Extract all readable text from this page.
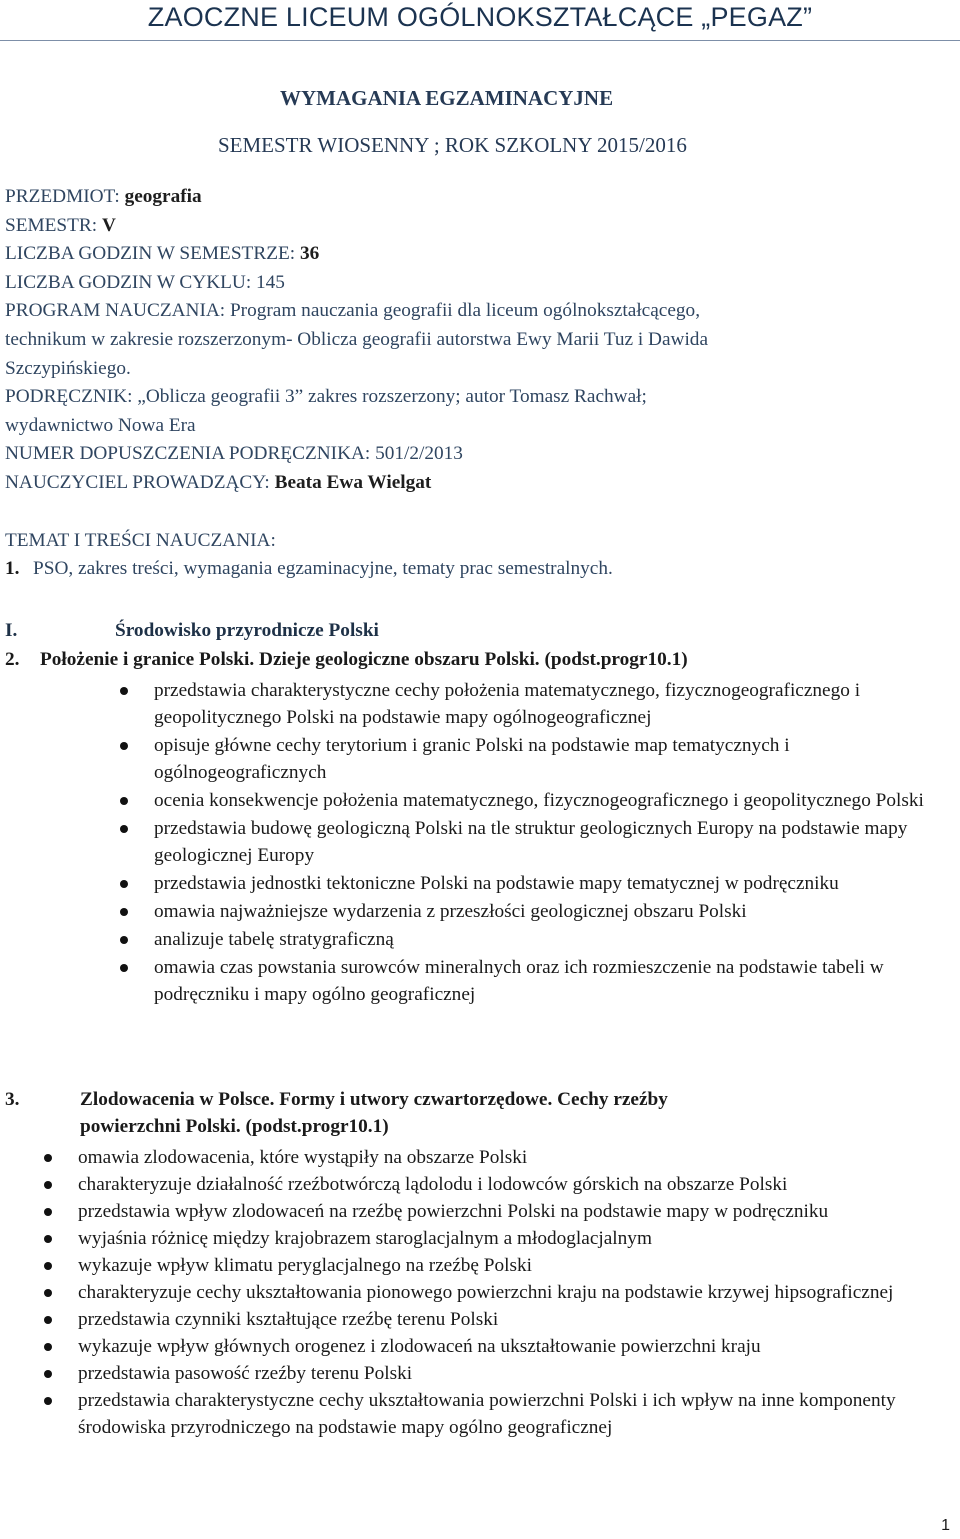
ZAOCZNE LICEUM OGÓLNOKSZTAŁCĄCE „PEGAZ”
WYMAGANIA EGZAMINACYJNE
SEMESTR WIOSENNY ; ROK SZKOLNY 2015/2016
PRZEDMIOT: geografia
SEMESTR: V
LICZBA GODZIN W SEMESTRZE: 36
LICZBA GODZIN W CYKLU: 145
PROGRAM NAUCZANIA: Program nauczania geografii dla liceum ogólnokształcącego,
technikum w zakresie rozszerzonym- Oblicza geografii autorstwa Ewy Marii Tuz i Dawida
Szczypińskiego.
PODRĘCZNIK: „Oblicza geografii 3” zakres rozszerzony; autor Tomasz Rachwał;
wydawnictwo Nowa Era
NUMER DOPUSZCZENIA PODRĘCZNIKA: 501/2/2013
NAUCZYCIEL PROWADZĄCY: Beata Ewa Wielgat
TEMAT I TREŚCI NAUCZANIA:
1. PSO, zakres treści, wymagania egzaminacyjne, tematy prac semestralnych.
I.	Środowisko przyrodnicze Polski
2. Położenie i granice Polski. Dzieje geologiczne obszaru Polski. (podst.progr10.1)
przedstawia charakterystyczne cechy położenia matematycznego, fizycznogeograficznego i geopolitycznego Polski na podstawie mapy ogólnogeograficznej
opisuje główne cechy terytorium i granic Polski na podstawie map tematycznych i ogólnogeograficznych
ocenia konsekwencje położenia matematycznego, fizycznogeograficznego i geopolitycznego Polski
przedstawia budowę geologiczną Polski na tle struktur geologicznych Europy na podstawie mapy geologicznej Europy
przedstawia jednostki tektoniczne Polski na podstawie mapy tematycznej w podręczniku
omawia najważniejsze wydarzenia z przeszłości geologicznej obszaru Polski
analizuje tabelę stratygraficzną
omawia czas powstania surowców mineralnych oraz ich rozmieszczenie na podstawie tabeli w podręczniku i mapy ogólno geograficznej
3.	Zlodowacenia w Polsce. Formy i utwory czwartorzędowe. Cechy rzeźby
powierzchni Polski. (podst.progr10.1)
omawia zlodowacenia, które wystąpiły na obszarze Polski
charakteryzuje działalność rzeźbotwórczą lądolodu i lodowców górskich na obszarze Polski
przedstawia wpływ zlodowaceń na rzeźbę powierzchni Polski na podstawie mapy w podręczniku
wyjaśnia różnicę między krajobrazem staroglacjalnym a młodoglacjalnym
wykazuje wpływ klimatu peryglacjalnego na rzeźbę Polski
charakteryzuje cechy ukształtowania pionowego powierzchni kraju na podstawie krzywej hipsograficznej
przedstawia czynniki kształtujące rzeźbę terenu Polski
wykazuje wpływ głównych orogenez i zlodowaceń na ukształtowanie powierzchni kraju
przedstawia pasowość rzeźby terenu Polski
przedstawia charakterystyczne cechy ukształtowania powierzchni Polski i ich wpływ na inne komponenty środowiska przyrodniczego na podstawie mapy ogólno geograficznej
1
